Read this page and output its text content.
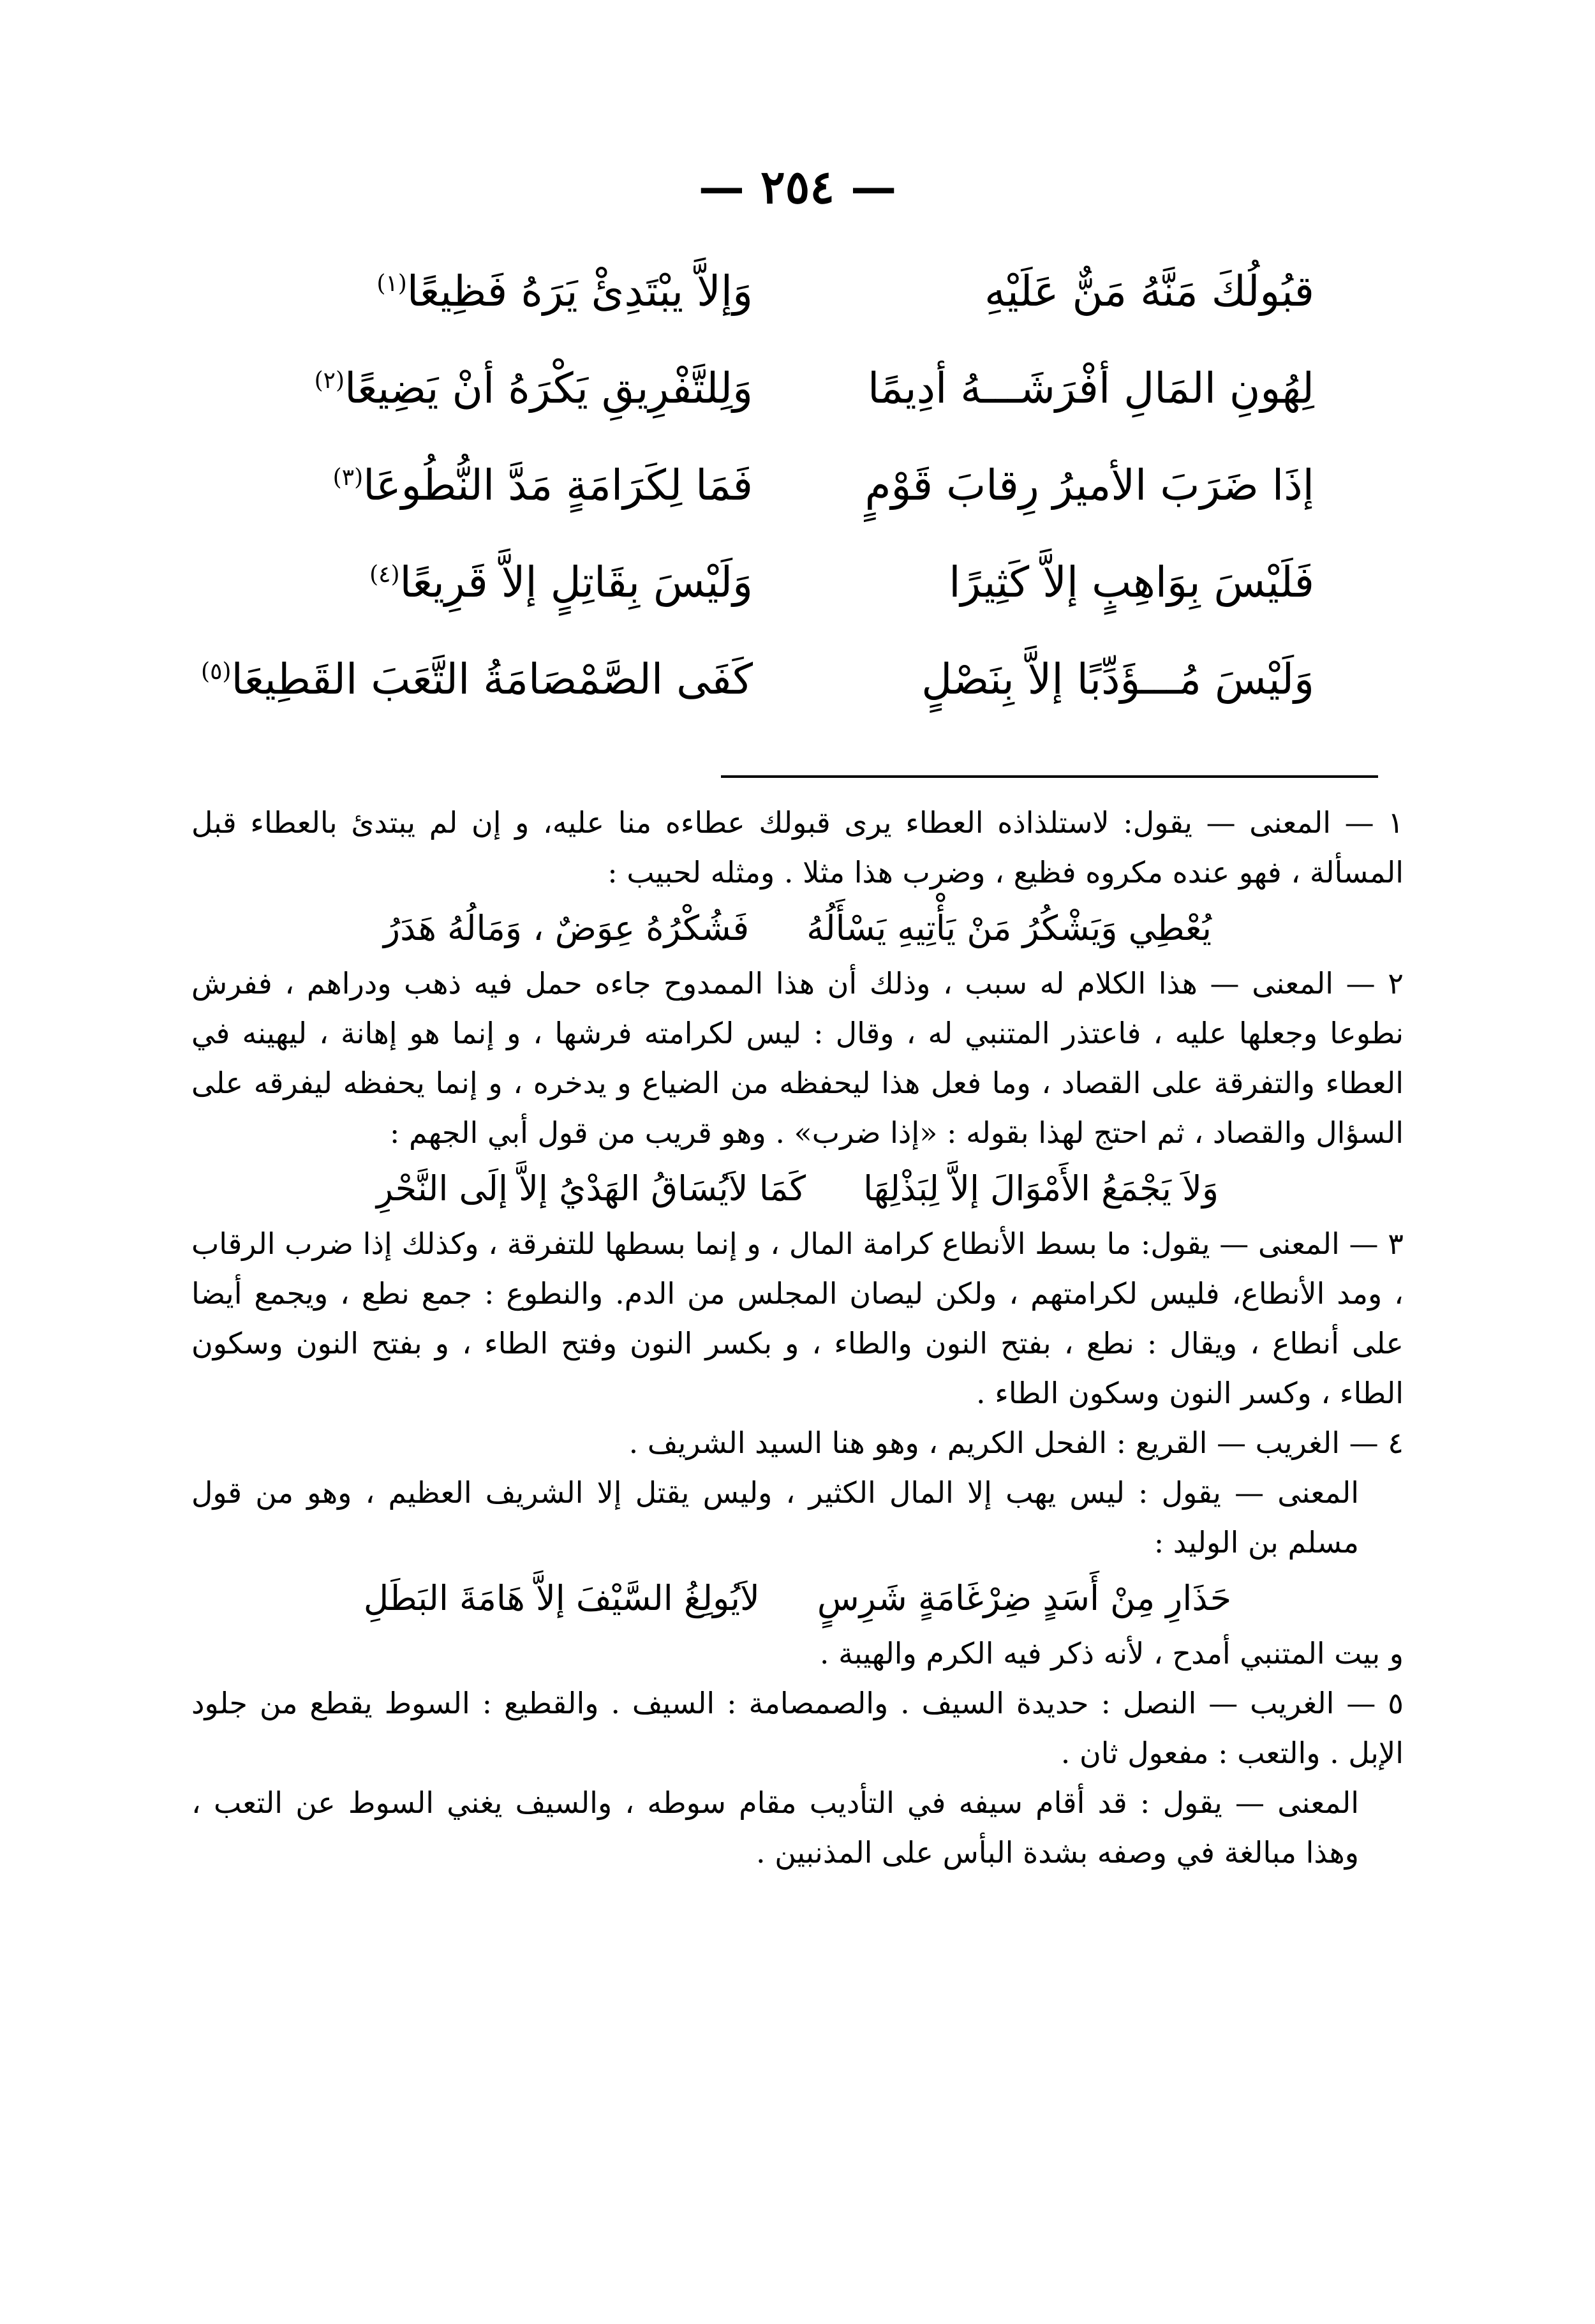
— ٢٥٤ —
قبُولُكَ مَنَّهُ مَنٌّ عَلَيْهِ
وَإلاَّ يبْتَدِئْ يَرَهُ فَظِيعًا$^{(١)}$
لِهُونِ المَالِ أفْرَشَـــهُ أدِيمًا
وَلِلتَّفْرِيقِ يَكْرَهُ أنْ يَضِيعًا$^{(٢)}$
إذَا ضَرَبَ الأميرُ رِقابَ قَوْمٍ
فَمَا لِكَرَامَةٍ مَدَّ النُّطُوعَا$^{(٣)}$
فَلَيْسَ بِوَاهِبٍ إلاَّ كَثِيرًا
وَلَيْسَ بِقَاتِلٍ إلاَّ قَرِيعًا$^{(٤)}$
وَلَيْسَ مُـــؤَدِّبًا إلاَّ بِنَصْلٍ
كَفَى الصَّمْصَامَةُ التَّعَبَ القَطِيعَا$^{(٥)}$

١ — المعنى — يقول: لاستلذاذه العطاء يرى قبولك عطاءه منا عليه، و إن لم يبتدئ بالعطاء قبل المسألة ، فهو عنده مكروه فظيع ، وضرب هذا مثلا . ومثله لحبيب :

يُعْطِي وَيَشْكُرُ مَنْ يَأْتِيهِ يَسْأَلُهُ
فَشُكْرُهُ عِوَضٌ ، وَمَالُهُ هَدَرُ

٢ — المعنى — هذا الكلام له سبب ، وذلك أن هذا الممدوح جاءه حمل فيه ذهب ودراهم ، ففرش نطوعا وجعلها عليه ، فاعتذر المتنبي له ، وقال : ليس لكرامته فرشها ، و إنما هو إهانة ، ليهينه في العطاء والتفرقة على القصاد ، وما فعل هذا ليحفظه من الضياع و يدخره ، و إنما يحفظه ليفرقه على السؤال والقصاد ، ثم احتج لهذا بقوله : «إذا ضرب» . وهو قريب من قول أبي الجهم :

وَلاَ يَجْمَعُ الأَمْوَالَ إلاَّ لِبَذْلِهَا
كَمَا لاَيُسَاقُ الهَدْيُ إلاَّ إلَى النَّحْرِ

٣ — المعنى — يقول: ما بسط الأنطاع كرامة المال ، و إنما بسطها للتفرقة ، وكذلك إذا ضرب الرقاب ، ومد الأنطاع، فليس لكرامتهم ، ولكن ليصان المجلس من الدم. والنطوع : جمع نطع ، ويجمع أيضا على أنطاع ، ويقال : نطع ، بفتح النون والطاء ، و بكسر النون وفتح الطاء ، و بفتح النون وسكون الطاء ، وكسر النون وسكون الطاء .

٤ — الغريب — القريع : الفحل الكريم ، وهو هنا السيد الشريف .

المعنى — يقول : ليس يهب إلا المال الكثير ، وليس يقتل إلا الشريف العظيم ، وهو من قول مسلم بن الوليد :

حَذَارِ مِنْ أَسَدٍ ضِرْغَامَةٍ شَرِسٍ
لاَيُولِغُ السَّيْفَ إلاَّ هَامَةَ البَطَلِ

و بيت المتنبي أمدح ، لأنه ذكر فيه الكرم والهيبة .

٥ — الغريب — النصل : حديدة السيف . والصمصامة : السيف . والقطيع : السوط يقطع من جلود الإبل . والتعب : مفعول ثان .

المعنى — يقول : قد أقام سيفه في التأديب مقام سوطه ، والسيف يغني السوط عن التعب ، وهذا مبالغة في وصفه بشدة البأس على المذنبين .
